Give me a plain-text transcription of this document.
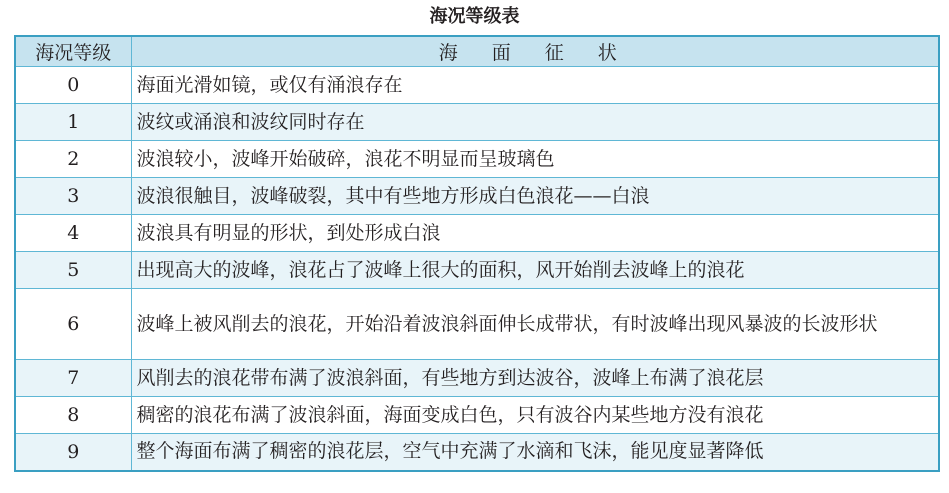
海况等级表
海况等级	海 面 征 状
0	海面光滑如镜，或仅有涌浪存在
1	波纹或涌浪和波纹同时存在
2	波浪较小，波峰开始破碎，浪花不明显而呈玻璃色
3	波浪很触目，波峰破裂，其中有些地方形成白色浪花——白浪
4	波浪具有明显的形状，到处形成白浪
5	出现高大的波峰，浪花占了波峰上很大的面积，风开始削去波峰上的浪花
6	波峰上被风削去的浪花，开始沿着波浪斜面伸长成带状，有时波峰出现风暴波的长波形状

7	风削去的浪花带布满了波浪斜面，有些地方到达波谷，波峰上布满了浪花层
8	稠密的浪花布满了波浪斜面，海面变成白色，只有波谷内某些地方没有浪花
9	整个海面布满了稠密的浪花层，空气中充满了水滴和飞沫，能见度显著降低
